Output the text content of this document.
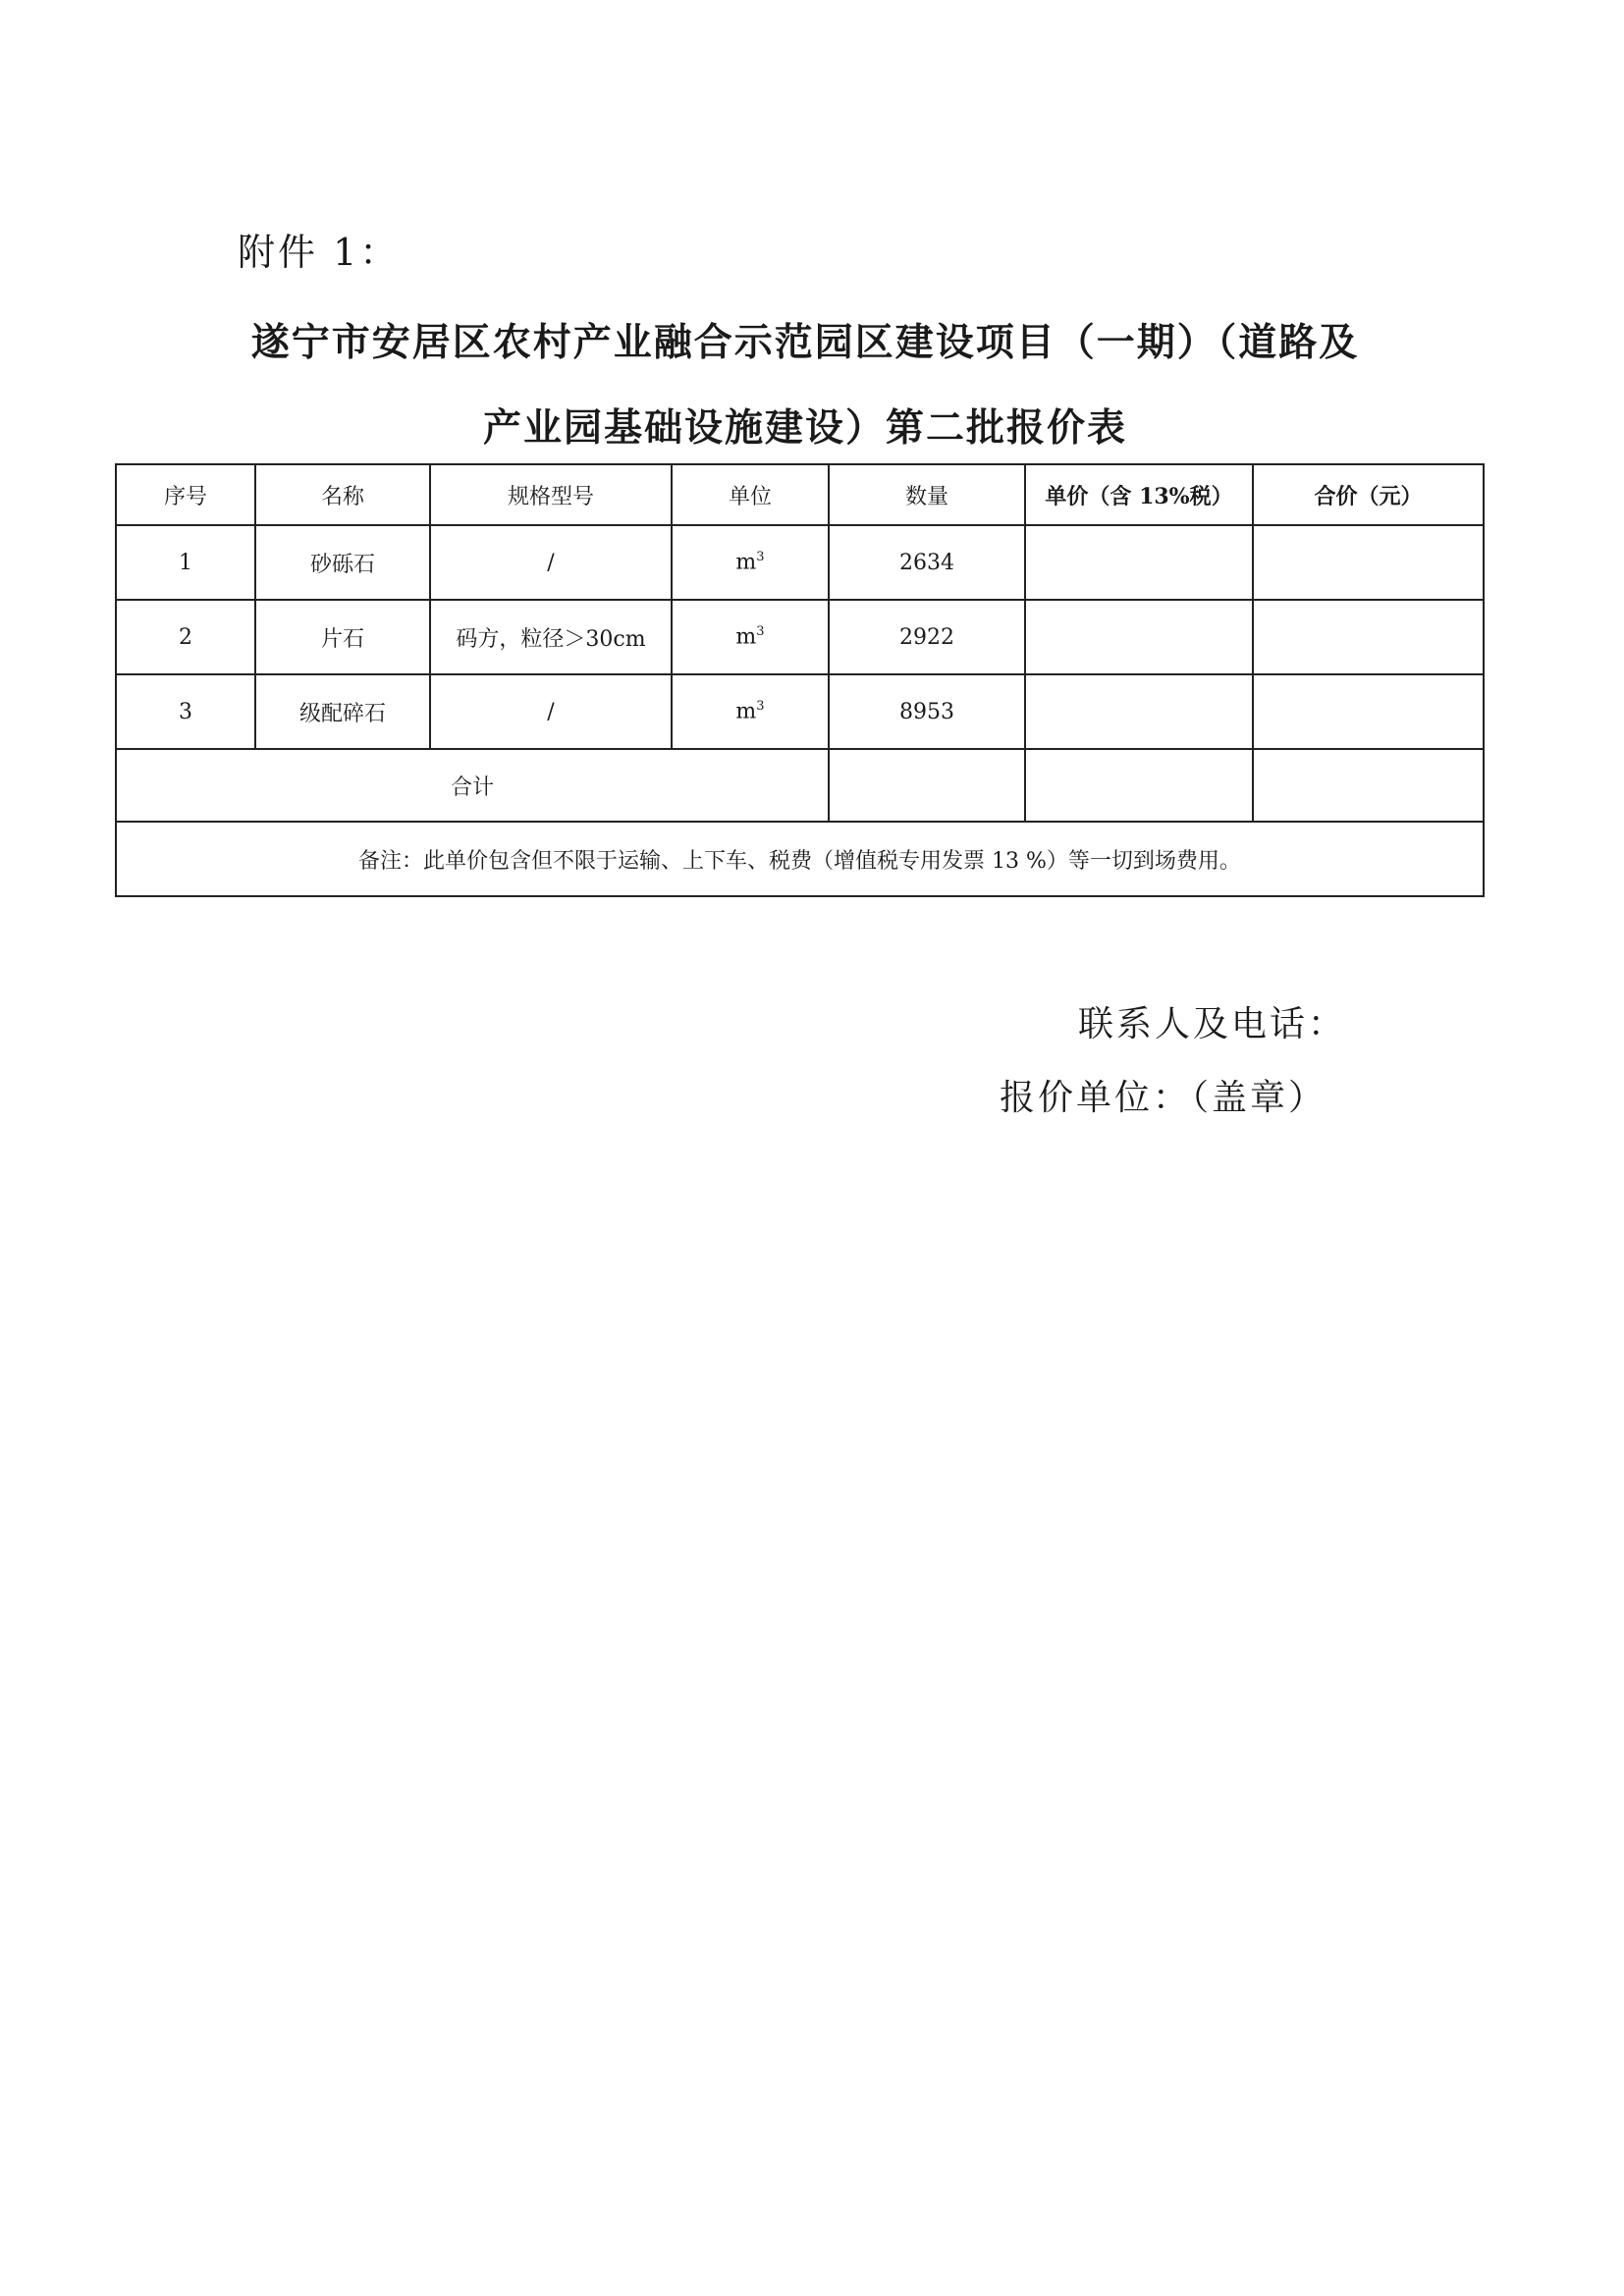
附件 1：
遂宁市安居区农村产业融合示范园区建设项目（一期）（道路及
产业园基础设施建设）第二批报价表
序号	名称	规格型号	单位	数量	单价（含 13%税）	合价（元）
1	砂砾石	/	$m^3$	2634		
2	片石	码方，粒径＞30cm	$m^3$	2922		
3	级配碎石	/	$m^3$	8953		
合计						
备注：此单价包含但不限于运输、上下车、税费（增值税专用发票 13 %）等一切到场费用。						
联系人及电话：
报价单位：（盖章）
